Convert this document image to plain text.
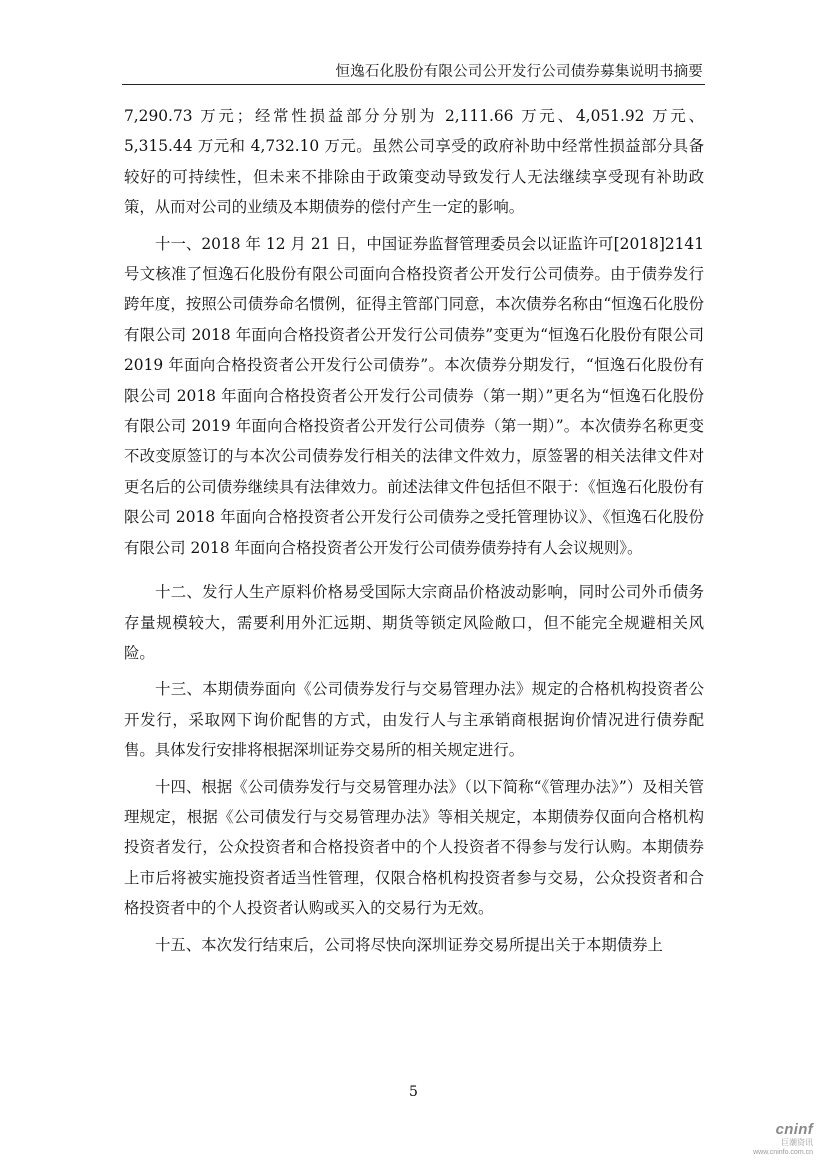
恒逸石化股份有限公司公开发行公司债券募集说明书摘要

7,290.73 万元；经常性损益部分分别为 2,111.66 万元、4,051.92 万元、5,315.44 万元和 4,732.10 万元。虽然公司享受的政府补助中经常性损益部分具备较好的可持续性，但未来不排除由于政策变动导致发行人无法继续享受现有补助政策，从而对公司的业绩及本期债券的偿付产生一定的影响。

十一、2018 年 12 月 21 日，中国证券监督管理委员会以证监许可[2018]2141 号文核准了恒逸石化股份有限公司面向合格投资者公开发行公司债券。由于债券发行跨年度，按照公司债券命名惯例，征得主管部门同意，本次债券名称由“恒逸石化股份有限公司 2018 年面向合格投资者公开发行公司债券”变更为“恒逸石化股份有限公司 2019 年面向合格投资者公开发行公司债券”。本次债券分期发行，“恒逸石化股份有限公司 2018 年面向合格投资者公开发行公司债券（第一期）”更名为“恒逸石化股份有限公司 2019 年面向合格投资者公开发行公司债券（第一期）”。本次债券名称更变不改变原签订的与本次公司债券发行相关的法律文件效力，原签署的相关法律文件对更名后的公司债券继续具有法律效力。前述法律文件包括但不限于：《恒逸石化股份有限公司 2018 年面向合格投资者公开发行公司债券之受托管理协议》、《恒逸石化股份有限公司 2018 年面向合格投资者公开发行公司债券债券持有人会议规则》。

十二、发行人生产原料价格易受国际大宗商品价格波动影响，同时公司外币债务存量规模较大，需要利用外汇远期、期货等锁定风险敞口，但不能完全规避相关风险。

十三、本期债券面向《公司债券发行与交易管理办法》规定的合格机构投资者公开发行，采取网下询价配售的方式，由发行人与主承销商根据询价情况进行债券配售。具体发行安排将根据深圳证券交易所的相关规定进行。

十四、根据《公司债券发行与交易管理办法》（以下简称“《管理办法》”）及相关管理规定，根据《公司债发行与交易管理办法》等相关规定，本期债券仅面向合格机构投资者发行，公众投资者和合格投资者中的个人投资者不得参与发行认购。本期债券上市后将被实施投资者适当性管理，仅限合格机构投资者参与交易，公众投资者和合格投资者中的个人投资者认购或买入的交易行为无效。

十五、本次发行结束后，公司将尽快向深圳证券交易所提出关于本期债券上

5
cninf
巨潮资讯
www.cninfo.com.cn
